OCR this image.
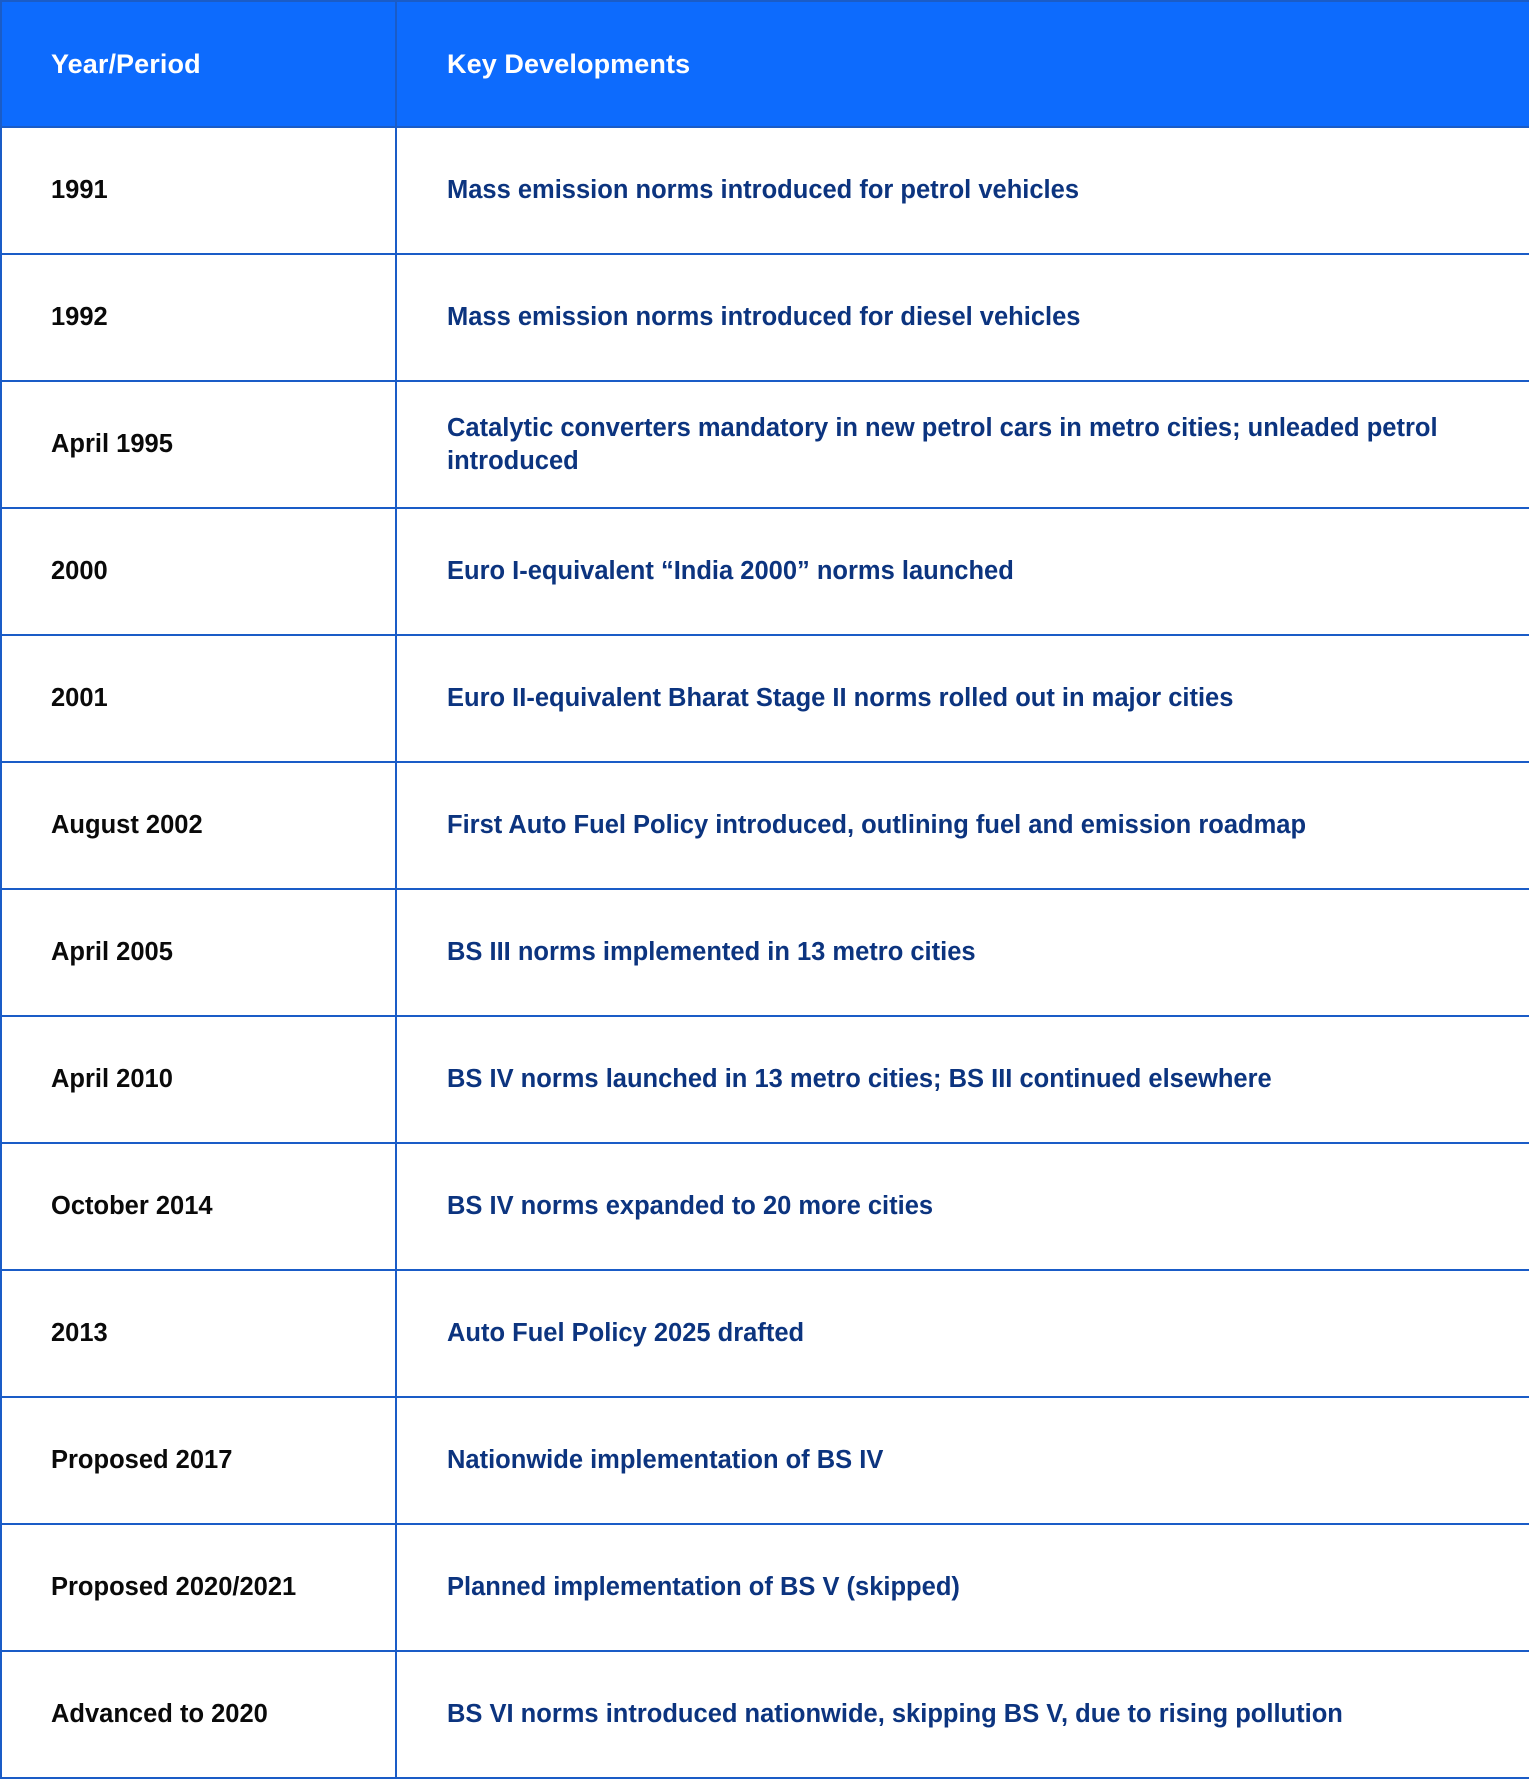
Year/Period	Key Developments
1991	Mass emission norms introduced for petrol vehicles
1992	Mass emission norms introduced for diesel vehicles
April 1995	Catalytic converters mandatory in new petrol cars in metro cities; unleaded petrol introduced
2000	Euro I-equivalent “India 2000” norms launched
2001	Euro II-equivalent Bharat Stage II norms rolled out in major cities
August 2002	First Auto Fuel Policy introduced, outlining fuel and emission roadmap
April 2005	BS III norms implemented in 13 metro cities
April 2010	BS IV norms launched in 13 metro cities; BS III continued elsewhere
October 2014	BS IV norms expanded to 20 more cities
2013	Auto Fuel Policy 2025 drafted
Proposed 2017	Nationwide implementation of BS IV
Proposed 2020/2021	Planned implementation of BS V (skipped)
Advanced to 2020	BS VI norms introduced nationwide, skipping BS V, due to rising pollution
